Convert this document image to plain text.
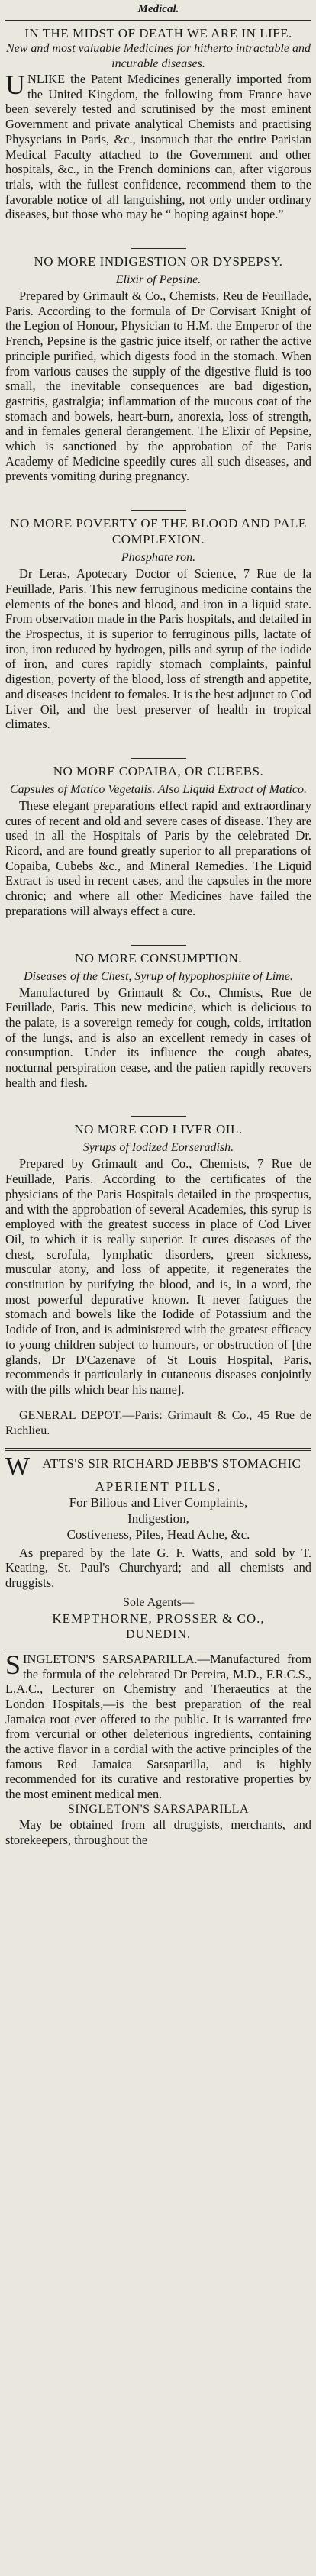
Medical.
IN THE MIDST OF DEATH WE ARE IN LIFE.
New and most valuable Medicines for hitherto intractable and incurable diseases.

UNLIKE the Patent Medicines generally imported from the United Kingdom, the following from France have been severely tested and scrutinised by the most eminent Government and private analytical Chemists and practising Physycians in Paris, &c., insomuch that the entire Parisian Medical Faculty attached to the Government and other hospitals, &c., in the French dominions can, after vigorous trials, with the fullest confidence, recommend them to the favorable notice of all languishing, not only under ordinary diseases, but those who may be “ hoping against hope.”

NO MORE INDIGESTION OR DYSPEPSY.
Elixir of Pepsine.

Prepared by Grimault & Co., Chemists, Reu de Feuillade, Paris. According to the formula of Dr Corvisart Knight of the Legion of Honour, Physician to H.M. the Emperor of the French, Pepsine is the gastric juice itself, or rather the active principle purified, which digests food in the stomach. When from various causes the supply of the digestive fluid is too small, the inevitable consequences are bad digestion, gastritis, gastralgia; inflammation of the mucous coat of the stomach and bowels, heart-burn, anorexia, loss of strength, and in females general derangement. The Elixir of Pepsine, which is sanctioned by the approbation of the Paris Academy of Medicine speedily cures all such diseases, and prevents vomiting during pregnancy.

NO MORE POVERTY OF THE BLOOD AND PALE COMPLEXION.
Phosphate ron.

Dr Leras, Apotecary Doctor of Science, 7 Rue de la Feuillade, Paris. This new ferruginous medicine contains the elements of the bones and blood, and iron in a liquid state. From observation made in the Paris hospitals, and detailed in the Prospectus, it is superior to ferruginous pills, lactate of iron, iron reduced by hydrogen, pills and syrup of the iodide of iron, and cures rapidly stomach complaints, painful digestion, poverty of the blood, loss of strength and appetite, and diseases incident to females. It is the best adjunct to Cod Liver Oil, and the best preserver of health in tropical climates.

NO MORE COPAIBA, OR CUBEBS.
Capsules of Matico Vegetalis. Also Liquid Extract of Matico.

These elegant preparations effect rapid and extraordinary cures of recent and old and severe cases of disease. They are used in all the Hospitals of Paris by the celebrated Dr. Ricord, and are found greatly superior to all preparations of Copaiba, Cubebs &c., and Mineral Remedies. The Liquid Extract is used in recent cases, and the capsules in the more chronic; and where all other Medicines have failed the preparations will always effect a cure.

NO MORE CONSUMPTION.
Diseases of the Chest, Syrup of hypophosphite of Lime.

Manufactured by Grimault & Co., Chmists, Rue de Feuillade, Paris. This new medicine, which is delicious to the palate, is a sovereign remedy for cough, colds, irritation of the lungs, and is also an excellent remedy in cases of consumption. Under its influence the cough abates, nocturnal perspiration cease, and the patien rapidly recovers health and flesh.

NO MORE COD LIVER OIL.
Syrups of Iodized Eorseradish.

Prepared by Grimault and Co., Chemists, 7 Rue de Feuillade, Paris. According to the certificates of the physicians of the Paris Hospitals detailed in the prospectus, and with the approbation of several Academies, this syrup is employed with the greatest success in place of Cod Liver Oil, to which it is really superior. It cures diseases of the chest, scrofula, lymphatic disorders, green sickness, muscular atony, and loss of appetite, it regenerates the constitution by purifying the blood, and is, in a word, the most powerful depurative known. It never fatigues the stomach and bowels like the Iodide of Potassium and the Iodide of Iron, and is administered with the greatest efficacy to young children subject to humours, or obstruction of [the glands, Dr D'Cazenave of St Louis Hospital, Paris, recommends it particularly in cutaneous diseases conjointly with the pills which bear his name].

GENERAL DEPOT.—Paris: Grimault & Co., 45 Rue de Richlieu.

WATTS'S SIR RICHARD JEBB'S STOMACHIC
APERIENT PILLS,
For Bilious and Liver Complaints,
Indigestion,
Costiveness, Piles, Head Ache, &c.

As prepared by the late G. F. Watts, and sold by T. Keating, St. Paul's Churchyard; and all chemists and druggists.

Sole Agents—
KEMPTHORNE, PROSSER & CO.,
DUNEDIN.

SINGLETON'S SARSAPARILLA.—Manufactured from the formula of the celebrated Dr Pereira, M.D., F.R.C.S., L.A.C., Lecturer on Chemistry and Theraeutics at the London Hospitals,—is the best preparation of the real Jamaica root ever offered to the public. It is warranted free from vercurial or other deleterious ingredients, containing the active flavor in a cordial with the active principles of the famous Red Jamaica Sarsaparilla, and is highly recommended for its curative and restorative properties by the most eminent medical men.

SINGLETON'S SARSAPARILLA

May be obtained from all druggists, merchants, and storekeepers, throughout the
